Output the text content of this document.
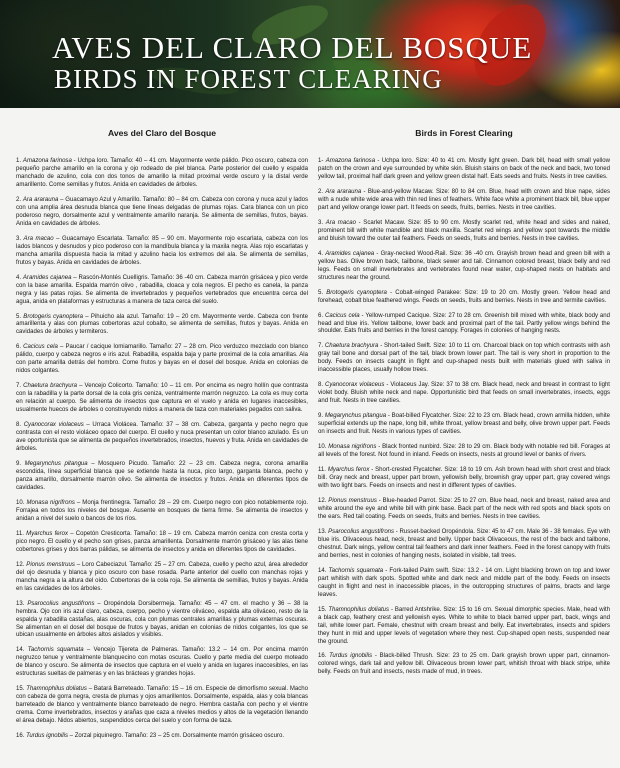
AVES DEL CLARO DEL BOSQUE
BIRDS IN FOREST CLEARING
Aves del Claro del Bosque

1. Amazona farinosa - Uchpa loro. Tamaño: 40 – 41 cm. Mayormente verde pálido. Pico oscuro, cabeza con pequeño parche amarillo en la corona y ojo rodeado de piel blanca. Parte posterior del cuello y espalda manchado de azulino, cola con dos tonos de amarillo la mitad proximal verde oscuro y la distal verde amarillento. Come semillas y frutos. Anida en cavidades de árboles.

2. Ara ararauna – Guacamayo Azul y Amarillo. Tamaño: 80 – 84 cm. Cabeza con corona y nuca azul y lados con una amplia área desnuda blanca que tiene líneas delgadas de plumas rojas. Cara blanca con un pico poderoso negro, dorsalmente azul y ventralmente amarillo naranja. Se alimenta de semillas, frutos, bayas. Anida en cavidades de árboles.

3. Ara macao – Guacamayo Escarlata. Tamaño: 85 – 90 cm. Mayormente rojo escarlata, cabeza con los lados blancos y desnudos y pico poderoso con la mandíbula blanca y la maxila negra. Alas rojo escarlatas y mancha amarilla dispuesta hacia la mitad y azulino hacia los extremos del ala. Se alimenta de semillas, frutos y bayas. Anida en cavidades de árboles.

4. Aramides cajanea – Rascón-Montés Cuelligris. Tamaño: 36 -40 cm. Cabeza marrón grisácea y pico verde con la base amarilla. Espalda marrón olivo , rabadilla, cloaca y cola negros. El pecho es canela, la panza negra y las patas rojas. Se alimenta de invertebrados y pequeños vertebrados que encuentra cerca del agua, anida en plataformas y estructuras a manera de taza cerca del suelo.

5. Brotogeris cyanoptera – Pihuicho ala azul. Tamaño: 19 – 20 cm. Mayormente verde. Cabeza con frente amarillenta y alas con plumas cobertoras azul cobalto, se alimenta de semillas, frutos y bayas. Anida en cavidades de árboles y termiteros.

6. Cacicus cela – Paucar / cacique lomiamarillo. Tamaño: 27 – 28 cm. Pico verduzco mezclado con blanco pálido, cuerpo y cabeza negros e iris azul. Rabadilla, espalda baja y parte proximal de la cola amarillas. Ala con parte amarilla detrás del hombro. Come frutos y bayas en el dosel del bosque. Anida en colonias de nidos colgantes.

7. Chaetura brachyura – Vencejo Colicorto. Tamaño: 10 – 11 cm. Por encima es negro hollín que contrasta con la rabadilla y la parte dorsal de la cola gris ceniza, ventralmente marrón negruzco. La cola es muy corta en relación al cuerpo. Se alimenta de insectos que captura en el vuelo y anida en lugares inaccesibles, usualmente huecos de árboles o construyendo nidos a manera de taza con materiales pegados con saliva.

8. Cyanocorax violaceus – Urraca Violácea. Tamaño: 37 – 38 cm. Cabeza, garganta y pecho negro que contrasta con el resto violáceo opaco del cuerpo. El cuello y nuca presentan un color blanco azulado. Es un ave oportunista que se alimenta de pequeños invertebrados, insectos, huevos y fruta. Anida en cavidades de árboles.

9. Megarynchus pitangua – Mosquero Picudo. Tamaño: 22 – 23 cm. Cabeza negra, corona amarilla escondida, línea superficial blanca que se extiende hasta la nuca, pico largo, garganta blanca, pecho y panza amarillo, dorsalmente marrón olivo. Se alimenta de insectos y frutos. Anida en diferentes tipos de cavidades.

10. Monasa nigrifrons – Monja frentinegra. Tamaño: 28 – 29 cm. Cuerpo negro con pico notablemente rojo. Forrajea en todos los niveles del bosque. Ausente en bosques de tierra firme. Se alimenta de insectos y anidan a nivel del suelo o bancos de los ríos.

11. Myarchus ferox – Copetón Cresticorta. Tamaño: 18 – 19 cm. Cabeza marrón ceniza con cresta corta y pico negro. El cuello y el pecho son grises, panza amarillenta. Dorsalmente marrón grisáceo y las alas tiene cobertores grises y dos barras pálidas, se alimenta de insectos y anida en diferentes tipos de cavidades.

12. Pionus menstruus – Loro Cabeciazul. Tamaño: 25 – 27 cm. Cabeza, cuello y pecho azul, área alrededor del ojo desnuda y blanca y pico oscuro con base rosada. Parte anterior del cuello con manchas rojas y mancha negra a la altura del oído. Cobertoras de la cola roja. Se alimenta de semillas, frutos y bayas. Anida en las cavidades de los árboles.

13. Psarocolius angustifrons – Oropéndola Dorsibermeja. Tamaño: 45 – 47 cm. el macho y 36 – 38 la hembra. Ojo con iris azul claro, cabeza, cuerpo, pecho y vientre oliváceo, espalda alta oliváceo, resto de la espalda y rabadilla castañas, alas oscuras, cola con plumas centrales amarillas y plumas externas oscuras. Se alimentan en el dosel del bosque de frutos y bayas, anidan en colonias de nidos colgantes, los que se ubican usualmente en árboles altos aislados y visibles.

14. Tachornis squamata – Vencejo Tijereta de Palmeras. Tamaño: 13.2 – 14 cm. Por encima marrón negruzco tenue y ventralmente blanquecino con motas oscuras. Cuello y parte media del cuerpo moteado de blanco y oscuro. Se alimenta de insectos que captura en el vuelo y anida en lugares inaccesibles, en las estructuras sueltas de palmeras y en las brácteas y grandes hojas.

15. Thamnophilus doliatus – Batará Barreteado. Tamaño: 15 – 16 cm. Especie de dimorfismo sexual. Macho con cabeza de gorra negra, cresta de plumas y ojos amarillentos. Dorsalmente, espalda, alas y cola blancas barreteado de blanco y ventralmente blanco barreteado de negro. Hembra castaña con pecho y el vientre crema. Come invertebrados, insectos y arañas que caza a niveles medios y altos de la vegetación llenando el área debajo. Nidos abiertos, suspendidos cerca del suelo y con forma de taza.

16. Turdus ignobilis – Zorzal piquinegro. Tamaño: 23 – 25 cm. Dorsalmente marrón grisáceo oscuro.

Birds in Forest Clearing

1- Amazona farinosa - Uchpa loro. Size: 40 to 41 cm. Mostly light green. Dark bill, head with small yellow patch on the crown and eye surrounded by white skin. Bluish stains on back of the neck and back, two toned yellow tail, proximal half dark green and yellow green distal half. Eats seeds and fruits. Nests in tree cavities.

2. Ara ararauna - Blue-and-yellow Macaw. Size: 80 to 84 cm. Blue, head with crown and blue nape, sides with a nude white wide area with thin red lines of feathers. White face white a prominent black bill, blue upper part and yellow orange lower part. It feeds on seeds, fruits, berries. Nests in tree cavities.

3. Ara macao - Scarlet Macaw. Size: 85 to 90 cm. Mostly scarlet red, white head and sides and naked, prominent bill with white mandible and black maxilla. Scarlet red wings and yellow spot towards the middle and bluish toward the outer tail feathers. Feeds on seeds, fruits and berries. Nests in tree cavities.

4. Aramides cajanea - Gray-necked Wood-Rail. Size: 36 -40 cm. Grayish brown head and green bill with a yellow bas. Olive brown back, tailbone, black sewer and tail. Cinnamon colored breast, black belly and red legs. Feeds on small invertebrates and vertebrates found near water, cup-shaped nests on habitats and structures near the ground.

5. Brotogeris cyanoptera - Cobalt-winged Parakee: Size: 19 to 20 cm. Mostly green. Yellow head and forehead, cobalt blue feathered wings. Feeds on seeds, fruits and berries. Nests in tree and termite cavities.

6. Cacicus cela - Yellow-rumped Cacique. Size: 27 to 28 cm. Greenish bill mixed with white, black body and head and blue iris. Yellow tailbone, lower back and proximal part of the tail. Partly yellow wings behind the shoulder. Eats fruits and berries in the forest canopy. Forages in colonies of hanging nests.

7. Chaetura brachyura - Short-tailed Swift. Size: 10 to 11 cm. Charcoal black on top which contrasts with ash gray tail bone and dorsal part of the tail, black brown lower part. The tail is very short in proportion to the body. Feeds on insects caught in flight and cup-shaped nests built with materials glued with saliva in inaccessible places, usually hollow trees.

8. Cyanocorax violaceus - Violaceus Jay. Size: 37 to 38 cm. Black head, neck and breast in contrast to light violet body. Bluish white neck and nape. Opportunistic bird that feeds on small invertebrates, insects, eggs and fruit. Nests in tree cavities.

9. Megarynchus pitangua - Boat-billed Flycatcher. Size: 22 to 23 cm. Black head, crown armilla hidden, white superficial extends up the nape, long bill, white throat, yellow breast and belly, olive brown upper part. Feeds on insects and fruit. Nests in various types of cavities.

10. Monasa nigrifrons - Black fronted nunbird. Size: 28 to 29 cm. Black body with notable red bill. Forages at all levels of the forest. Not found in inland. Feeds on insects, nests at ground level or banks of rivers.

11. Myarchus ferox - Short-crested Flycatcher. Size: 18 to 19 cm. Ash brown head with short crest and black bill. Gray neck and breast, upper part brown, yellowish belly, brownish gray upper part, gray covered wings with two light bars. Feeds on insects and nest in different types of cavities.

12. Pionus menstruus - Blue-headed Parrot. Size: 25 to 27 cm. Blue head, neck and breast, naked area and white around the eye and white bill with pink base. Back part of the neck with red spots and black spots on the ears. Red tail coating. Feeds on seeds, fruits and berries. Nests in tree cavities.

13. Psarocolius angustifrons - Russet-backed Oropéndola. Size: 45 to 47 cm. Male 36 - 38 females. Eye with blue iris. Olivaceous head, neck, breast and belly. Upper back Olivaceous, the rest of the back and tailbone, chestnut. Dark wings, yellow central tail feathers and dark inner feathers. Feed in the forest canopy with fruits and berries, nest in colonies of hanging nests, isolated in visible, tall trees.

14. Tachornis squamata - Fork-tailed Palm swift. Size: 13.2 - 14 cm. Light blacking brown on top and lower part whitish with dark spots. Spotted white and dark neck and middle part of the body. Feeds on insects caught in flight and nest in inaccessible places, in the outcropping structures of palms, bracts and large leaves.

15. Thamnophilus doliatus - Barred Antshrike. Size: 15 to 16 cm. Sexual dimorphic species. Male, head with a black cap, feathery crest and yellowish eyes. White to white to black barred upper part, back, wings and tail, white lower part. Female, chestnut with cream breast and belly. Eat invertebrates, insects and spiders they hunt in mid and upper levels of vegetation where they nest. Cup-shaped open nests, suspended near the ground.

16. Turdus ignobilis - Black-billed Thrush. Size: 23 to 25 cm. Dark grayish brown upper part, cinnamon-colored wings, dark tail and yellow bill. Olivaceous brown lower part, whitish throat with black stripe, white belly. Feeds on fruit and insects, nests made of mud, in trees.
